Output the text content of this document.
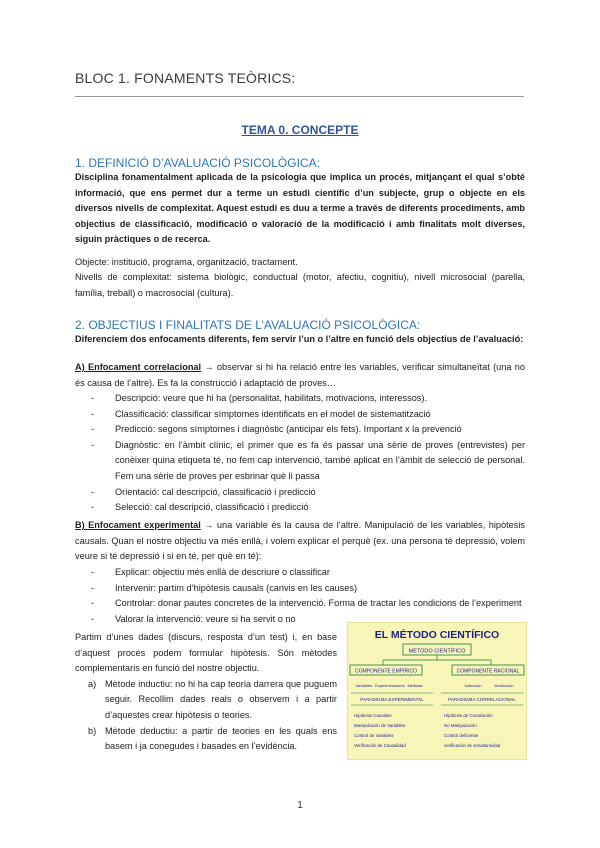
BLOC 1. FONAMENTS TEÒRICS:
TEMA 0. CONCEPTE
1. DEFINICIÓ D’AVALUACIÓ PSICOLÒGICA:
Disciplina fonamentalment aplicada de la psicologia que implica un procés, mitjançant el qual s’obté informació, que ens permet dur a terme un estudi científic d’un subjecte, grup o objecte en els diversos nivells de complexitat. Aquest estudi es duu a terme a través de diferents procediments, amb objectius de classificació, modificació o valoració de la modificació i amb finalitats molt diverses, siguin pràctiques o de recerca.
Objecte: institució, programa, organització, tractament.
Nivells de complexitat: sistema biològic, conductual (motor, afectiu, cognitiu), nivell microsocial (parella, família, treball) o macrosocial (cultura).
2. OBJECTIUS I FINALITATS DE L’AVALUACIÓ PSICOLÒGICA:
Diferenciem dos enfocaments diferents, fem servir l’un o l’altre en funció dels objectius de l’avaluació:
A) Enfocament correlacional → observar si hi ha relació entre les variables, verificar simultaneïtat (una no és causa de l’altre). Es fa la construcció i adaptació de proves…
- Descripció: veure que hi ha (personalitat, habilitats, motivacions, interessos).
- Classificació: classificar símptomes identificats en el model de sistematització
- Predicció: segons símptomes i diagnòstic (anticipar els fets). Important x la prevenció
- Diagnòstic: en l’àmbit clínic, el primer que es fa és passar una sèrie de proves (entrevistes) per conèixer quina etiqueta té, no fem cap intervenció, també aplicat en l’àmbit de selecció de personal. Fem una sèrie de proves per esbrinar què li passa
- Orientació: cal descripció, classificació i predicció
- Selecció: cal descripció, classificació i predicció
B) Enfocament experimental → una variable és la causa de l’altre. Manipulació de les variables, hipòtesis causals. Quan el nostre objectiu va més enllà, i volem explicar el perquè (ex. una persona té depressió, volem veure si té depressió i si en té, per què en té):
- Explicar: objectiu més enllà de descriure o classificar
- Intervenir: partim d’hipòtesis causals (canvis en les causes)
- Controlar: donar pautes concretes de la intervenció. Forma de tractar les condicions de l’experiment
- Valorar la intervenció: veure si ha servit o no
Partim d’unes dades (discurs, resposta d’un test) i, en base d’aquest procés podem formular hipòtesis. Són mètodes complementaris en funció del nostre objectiu.
a) Mètode inductiu: no hi ha cap teoria darrera que puguem seguir. Recollim dades reals o observem i a partir d’aquestes crear hipòtesis o teories.
b) Mètode deductiu: a partir de teories en les quals ens basem i ja conegudes i basades en l’evidència.
EL MÉTODO CIENTÍFICO
MÉTODO CIENTÍFICO
COMPONENTE EMPÍRICO	COMPONENTE RACIONAL
Variables Experimentación Medidas	Inducción	Deducción
PARADIGMA EXPERIMENTAL	PARADIGMA CORRELACIONAL
Hipótesis Causales
Manipulación de Variables
Control de Variables
Verificación de Causalidad
Hipótesis de Covariación
No Manipulación
Control deficiente
verificación de simultaneidad
1
